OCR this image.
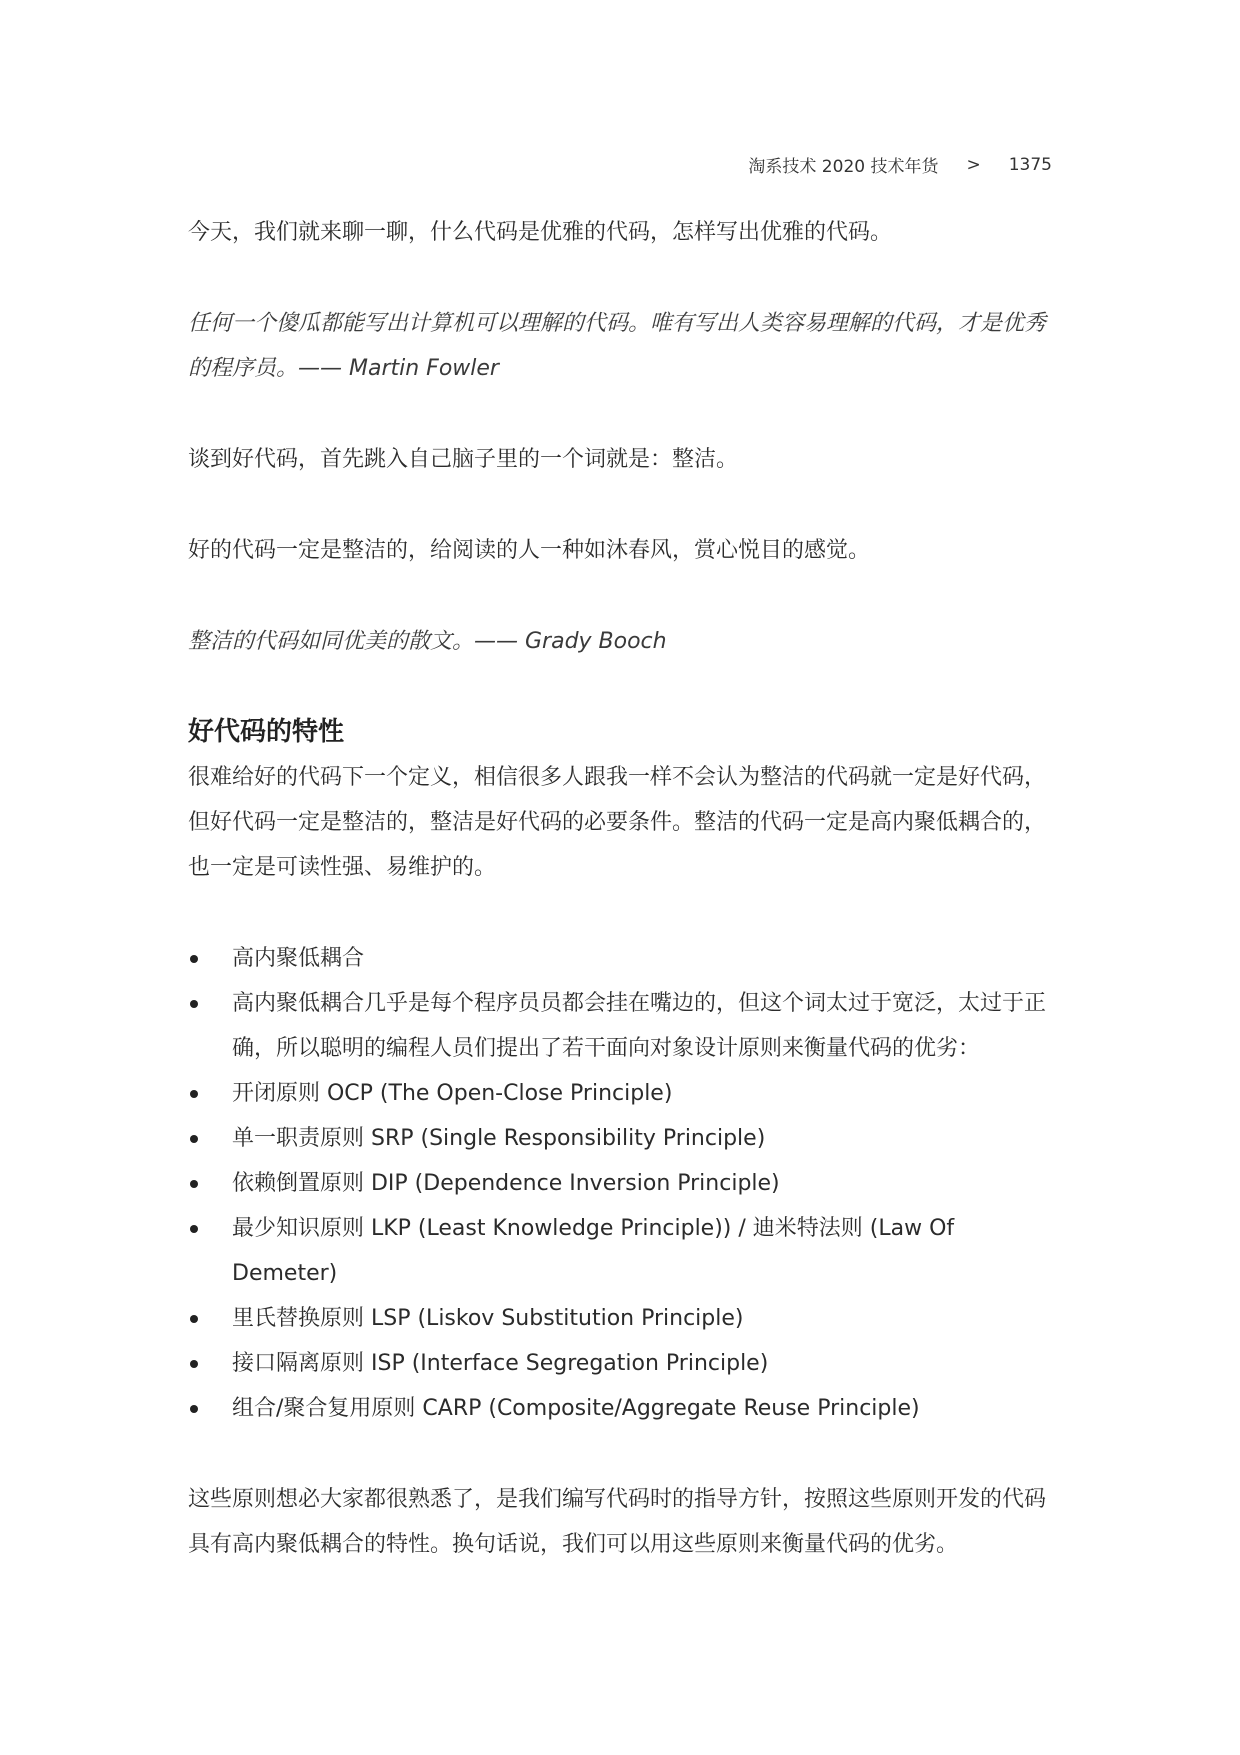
淘系技术 2020 技术年货 > 1375

今天，我们就来聊一聊，什么代码是优雅的代码，怎样写出优雅的代码。

任何一个傻瓜都能写出计算机可以理解的代码。唯有写出人类容易理解的代码，才是优秀的程序员。—— Martin Fowler

谈到好代码，首先跳入自己脑子里的一个词就是：整洁。

好的代码一定是整洁的，给阅读的人一种如沐春风，赏心悦目的感觉。

整洁的代码如同优美的散文。—— Grady Booch

好代码的特性

很难给好的代码下一个定义，相信很多人跟我一样不会认为整洁的代码就一定是好代码，但好代码一定是整洁的，整洁是好代码的必要条件。整洁的代码一定是高内聚低耦合的，也一定是可读性强、易维护的。

高内聚低耦合
高内聚低耦合几乎是每个程序员员都会挂在嘴边的，但这个词太过于宽泛，太过于正确，所以聪明的编程人员们提出了若干面向对象设计原则来衡量代码的优劣：
开闭原则 OCP (The Open-Close Principle)
单一职责原则 SRP (Single Responsibility Principle)
依赖倒置原则 DIP (Dependence Inversion Principle)
最少知识原则 LKP (Least Knowledge Principle)) / 迪米特法则 (Law Of Demeter)
里氏替换原则 LSP (Liskov Substitution Principle)
接口隔离原则 ISP (Interface Segregation Principle)
组合/聚合复用原则 CARP (Composite/Aggregate Reuse Principle)

这些原则想必大家都很熟悉了，是我们编写代码时的指导方针，按照这些原则开发的代码具有高内聚低耦合的特性。换句话说，我们可以用这些原则来衡量代码的优劣。
